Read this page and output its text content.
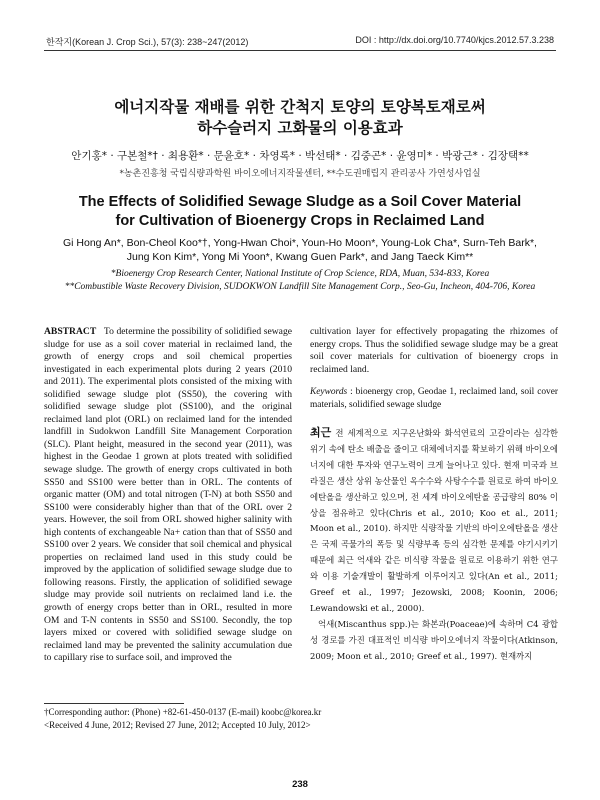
한작지(Korean J. Crop Sci.), 57(3): 238~247(2012)	DOI : http://dx.doi.org/10.7740/kjcs.2012.57.3.238
에너지작물 재배를 위한 간척지 토양의 토양복토재로써
하수슬러지 고화물의 이용효과
안기홍* · 구본철*† · 최용환* · 문윤호* · 차영록* · 박선태* · 김중곤* · 윤영미* · 박광근* · 김장택**
*농촌진흥청 국립식량과학원 바이오에너지작물센터, **수도권매립지 관리공사 가연성사업실
The Effects of Solidified Sewage Sludge as a Soil Cover Material
for Cultivation of Bioenergy Crops in Reclaimed Land
Gi Hong An*, Bon-Cheol Koo*†, Yong-Hwan Choi*, Youn-Ho Moon*, Young-Lok Cha*, Surn-Teh Bark*,
Jung Kon Kim*, Yong Mi Yoon*, Kwang Guen Park*, and Jang Taeck Kim**
*Bioenergy Crop Research Center, National Institute of Crop Science, RDA, Muan, 534-833, Korea
**Combustible Waste Recovery Division, SUDOKWON Landfill Site Management Corp., Seo-Gu, Incheon, 404-706, Korea
ABSTRACT To determine the possibility of solidified sewage sludge for use as a soil cover material in reclaimed land, the growth of energy crops and soil chemical properties investigated in each experimental plots during 2 years (2010 and 2011). The experimental plots consisted of the mixing with solidified sewage sludge plot (SS50), the covering with solidified sewage sludge plot (SS100), and the original reclaimed land plot (ORL) on reclaimed land for the intended landfill in Sudokwon Landfill Site Management Corporation (SLC). Plant height, measured in the second year (2011), was highest in the Geodae 1 grown at plots treated with solidified sewage sludge. The growth of energy crops cultivated in both SS50 and SS100 were better than in ORL. The contents of organic matter (OM) and total nitrogen (T-N) at both SS50 and SS100 were considerably higher than that of the ORL over 2 years. However, the soil from ORL showed higher salinity with high contents of exchangeable Na+ cation than that of SS50 and SS100 over 2 years. We consider that soil chemical and physical properties on reclaimed land used in this study could be improved by the application of solidified sewage sludge due to following reasons. Firstly, the application of solidified sewage sludge may provide soil nutrients on reclaimed land i.e. the growth of energy crops better than in ORL, resulted in more OM and T-N contents in SS50 and SS100. Secondly, the top layers mixed or covered with solidified sewage sludge on reclaimed land may be prevented the salinity accumulation due to capillary rise to surface soil, and improved the
cultivation layer for effectively propagating the rhizomes of energy crops. Thus the solidified sewage sludge may be a great soil cover materials for cultivation of bioenergy crops in reclaimed land.
Keywords : bioenergy crop, Geodae 1, reclaimed land, soil cover materials, solidified sewage sludge

최근 전 세계적으로 지구온난화와 화석연료의 고갈이라는 심각한 위기 속에 탄소 배출을 줄이고 대체에너지를 확보하기 위해 바이오에너지에 대한 투자와 연구노력이 크게 늘어나고 있다. 현재 미국과 브라질은 생산 상위 농산물인 옥수수와 사탕수수를 원료로 하여 바이오에탄올을 생산하고 있으며, 전 세계 바이오에탄올 공급량의 80% 이상을 점유하고 있다(Chris et al., 2010; Koo et al., 2011; Moon et al., 2010). 하지만 식량작물 기반의 바이오에탄올을 생산은 국제 곡물가의 폭등 및 식량부족 등의 심각한 문제를 야기시키기 때문에 최근 억새와 같은 비식량 작물을 원료로 이용하기 위한 연구와 이용 기술개발이 활발하게 이루어지고 있다(An et al., 2011; Greef et al., 1997; Jezowski, 2008; Koonin, 2006; Lewandowski et al., 2000).

억새(Miscanthus spp.)는 화본과(Poaceae)에 속하며 C4 광합성 경로를 가진 대표적인 비식량 바이오에너지 작물이다(Atkinson, 2009; Moon et al., 2010; Greef et al., 1997). 현재까지

†Corresponding author: (Phone) +82-61-450-0137 (E-mail) koobc@korea.kr
<Received 4 June, 2012; Revised 27 June, 2012; Accepted 10 July, 2012>
238
